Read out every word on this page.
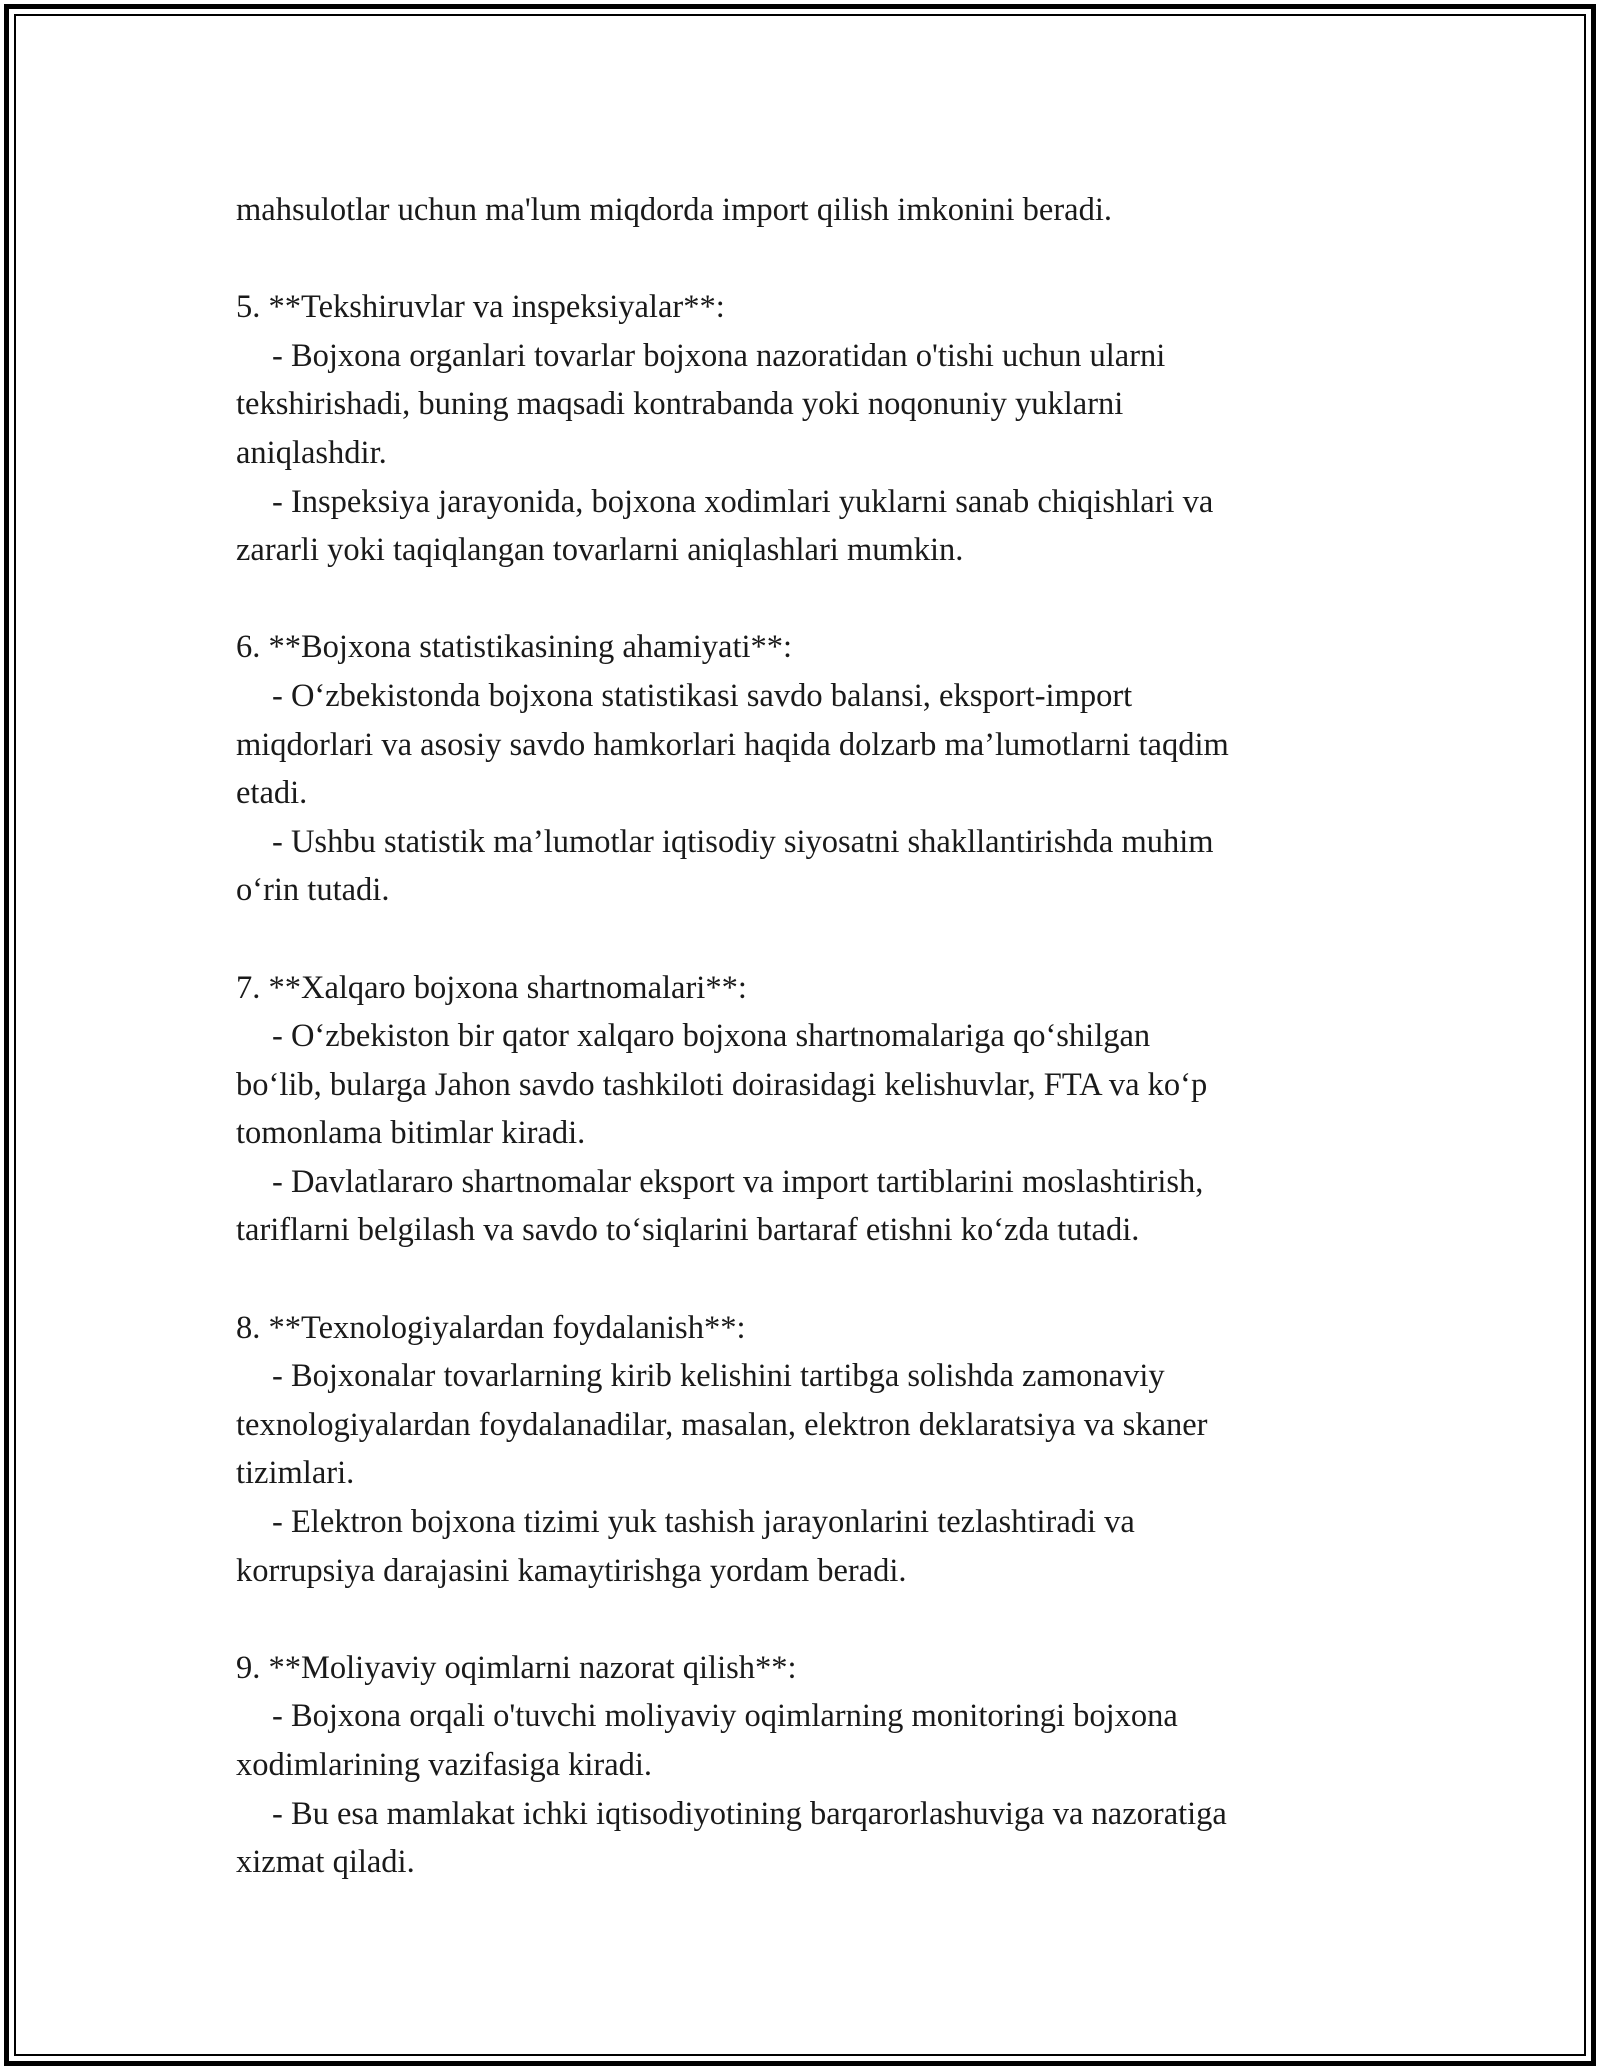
mahsulotlar uchun ma'lum miqdorda import qilish imkonini beradi.

5. **Tekshiruvlar va inspeksiyalar**:

- Bojxona organlari tovarlar bojxona nazoratidan o'tishi uchun ularni

tekshirishadi, buning maqsadi kontrabanda yoki noqonuniy yuklarni

aniqlashdir.

- Inspeksiya jarayonida, bojxona xodimlari yuklarni sanab chiqishlari va

zararli yoki taqiqlangan tovarlarni aniqlashlari mumkin.

6. **Bojxona statistikasining ahamiyati**:

- O‘zbekistonda bojxona statistikasi savdo balansi, eksport-import

miqdorlari va asosiy savdo hamkorlari haqida dolzarb ma’lumotlarni taqdim

etadi.

- Ushbu statistik ma’lumotlar iqtisodiy siyosatni shakllantirishda muhim

o‘rin tutadi.

7. **Xalqaro bojxona shartnomalari**:

- O‘zbekiston bir qator xalqaro bojxona shartnomalariga qo‘shilgan

bo‘lib, bularga Jahon savdo tashkiloti doirasidagi kelishuvlar, FTA va ko‘p

tomonlama bitimlar kiradi.

- Davlatlararo shartnomalar eksport va import tartiblarini moslashtirish,

tariflarni belgilash va savdo to‘siqlarini bartaraf etishni ko‘zda tutadi.

8. **Texnologiyalardan foydalanish**:

- Bojxonalar tovarlarning kirib kelishini tartibga solishda zamonaviy

texnologiyalardan foydalanadilar, masalan, elektron deklaratsiya va skaner

tizimlari.

- Elektron bojxona tizimi yuk tashish jarayonlarini tezlashtiradi va

korrupsiya darajasini kamaytirishga yordam beradi.

9. **Moliyaviy oqimlarni nazorat qilish**:

- Bojxona orqali o'tuvchi moliyaviy oqimlarning monitoringi bojxona

xodimlarining vazifasiga kiradi.

- Bu esa mamlakat ichki iqtisodiyotining barqarorlashuviga va nazoratiga

xizmat qiladi.
